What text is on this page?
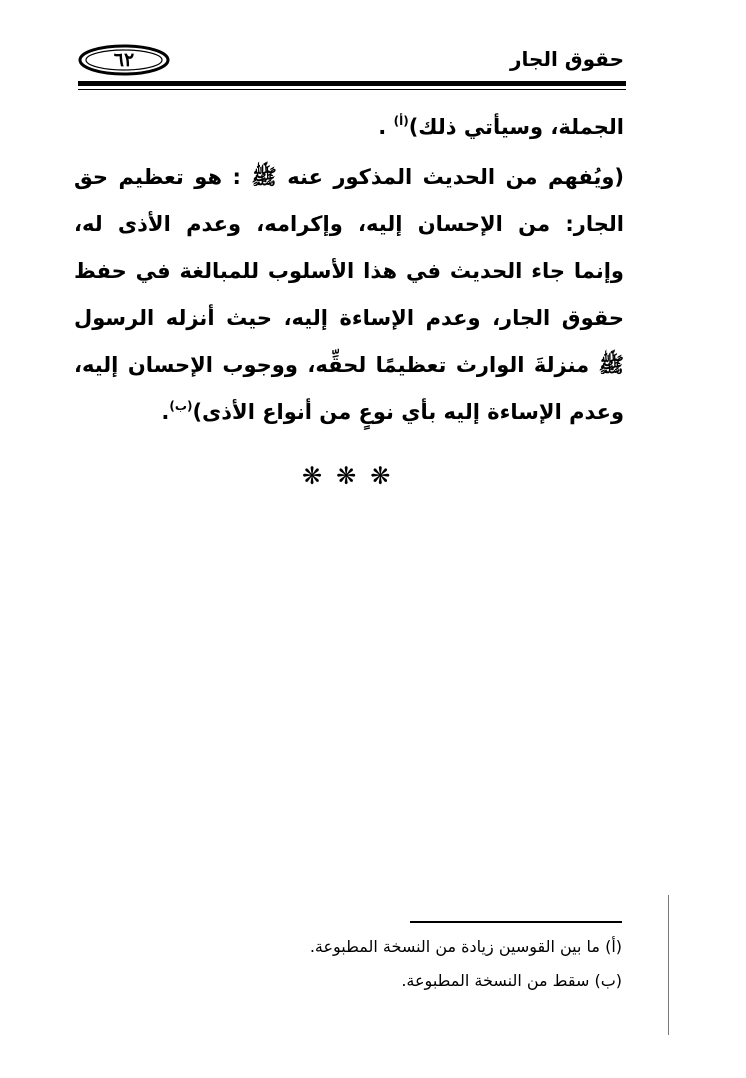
٦٢	حقوق الجار

الجملة، وسيأتي ذلك)$^{(أ)}$ .

(ويُفهم من الحديث المذكور عنه ﷺ : هو تعظيم حق الجار: من الإحسان إليه، وإكرامه، وعدم الأذى له، وإنما جاء الحديث في هذا الأسلوب للمبالغة في حفظ حقوق الجار، وعدم الإساءة إليه، حيث أنزله الرسول ﷺ منزلةَ الوارث تعظيمًا لحقِّه، ووجوب الإحسان إليه، وعدم الإساءة إليه بأي نوعٍ من أنواع الأذى)$^{(ب)}$.

❋❋❋

(أ) ما بين القوسين زيادة من النسخة المطبوعة.

(ب) سقط من النسخة المطبوعة.
